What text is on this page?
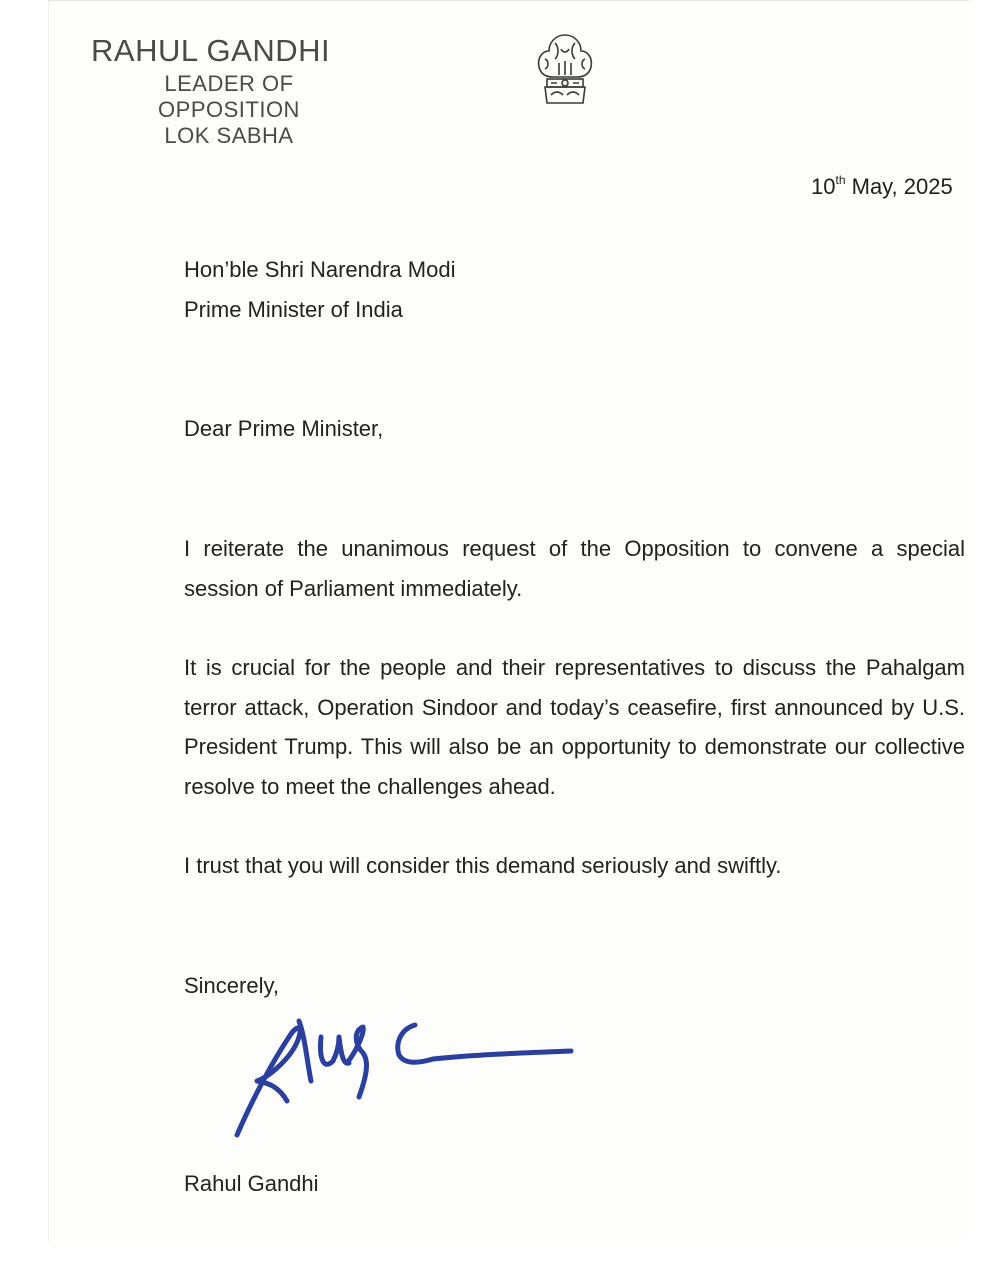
RAHUL GANDHI
LEADER OF OPPOSITION
LOK SABHA
10th May, 2025
Hon’ble Shri Narendra Modi
Prime Minister of India
Dear Prime Minister,
I reiterate the unanimous request of the Opposition to convene a special session of Parliament immediately.
It is crucial for the people and their representatives to discuss the Pahalgam terror attack, Operation Sindoor and today’s ceasefire, first announced by U.S. President Trump. This will also be an opportunity to demonstrate our collective resolve to meet the challenges ahead.
I trust that you will consider this demand seriously and swiftly.
Sincerely,
Rahul Gandhi
